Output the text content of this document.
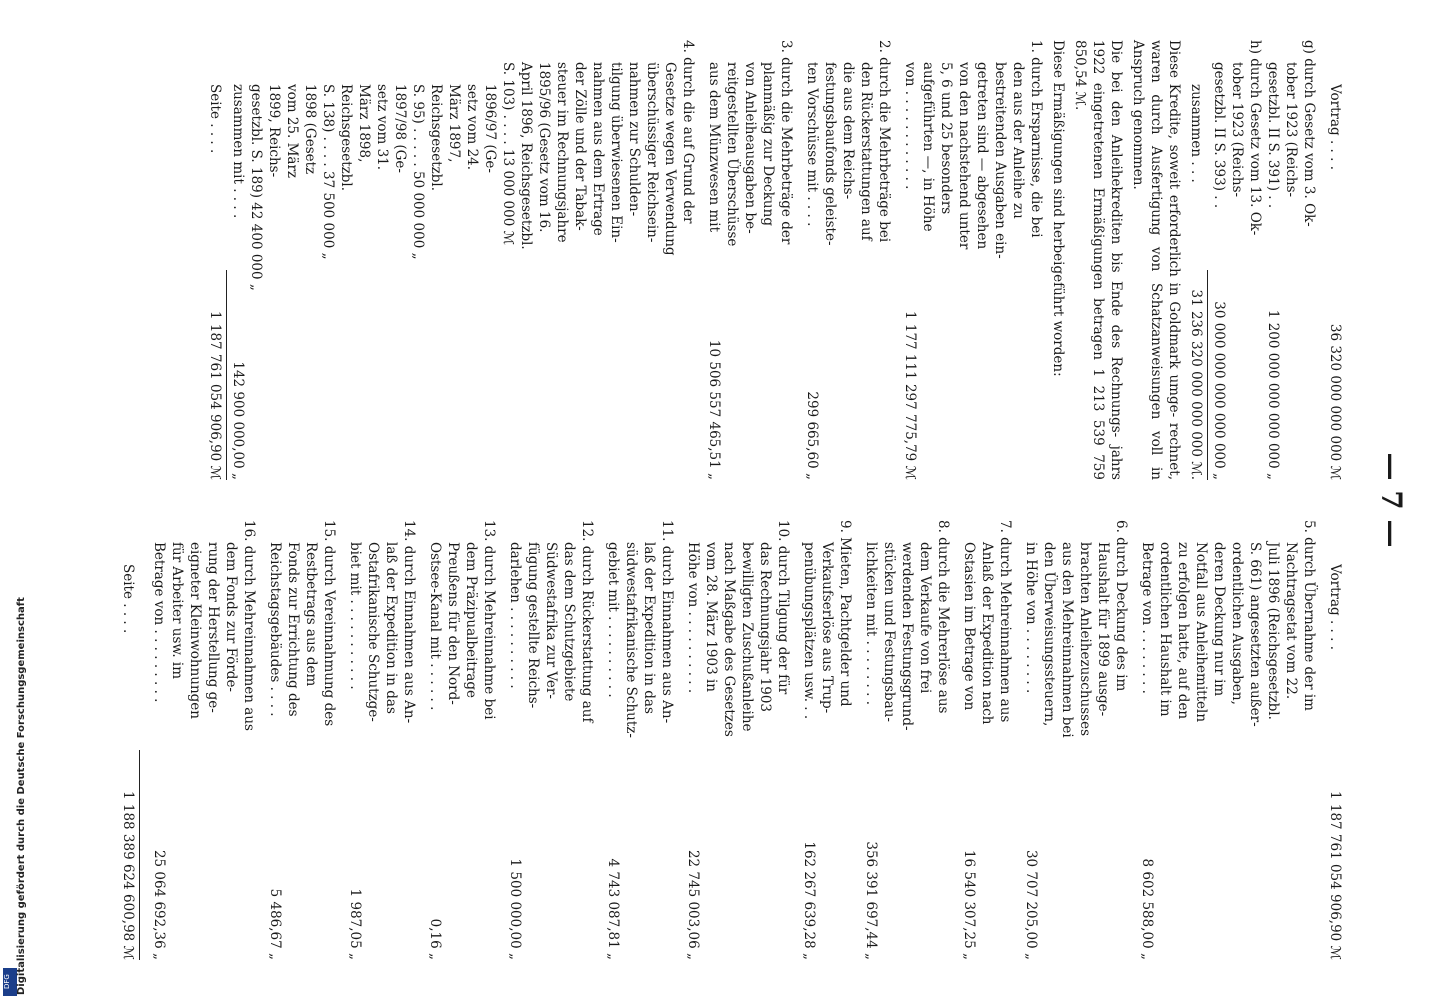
— 7 —
Vortrag . . . .
36 320 000 000 000 ℳ
g) durch Gesetz vom 3. Ok-
tober 1923 (Reichs-
gesetzbl. II S. 391) . .
1 200 000 000 000 000 „
h) durch Gesetz vom 13. Ok-
tober 1923 (Reichs-
gesetzbl. II S. 393) . .
30 000 000 000 000 000 „
zusammen . . .
31 236 320 000 000 000 ℳ.

Diese Kredite, soweit erforderlich in Goldmark umge- rechnet, waren durch Ausfertigung von Schatzanweisungen voll in Anspruch genommen.

Die bei den Anleihekrediten bis Ende des Rechnungs- jahrs 1922 eingetretenen Ermäßigungen betragen 1 213 539 759 850,54 ℳ.

Diese Ermäßigungen sind herbeigeführt worden:

1. durch Ersparnisse, die bei
den aus der Anleihe zu
bestreitenden Ausgaben ein-
getreten sind — abgesehen
von den nachstehend unter
5, 6 und 25 besonders
aufgeführten —, in Höhe
von . . . . . . . . . . . .
1 177 111 297 775,79 ℳ
2. durch die Mehrbeträge bei
den Rückerstattungen auf
die aus dem Reichs-
festungsbaufonds geleiste-
ten Vorschüsse mit . . . .
299 665,60 „
3. durch die Mehrbeträge der
planmäßig zur Deckung
von Anleiheausgaben be-
reitgestellten Überschüsse
aus dem Münzwesen mit
10 506 557 465,51 „
4. durch die auf Grund der
Gesetze wegen Verwendung
überschüssiger Reichsein-
nahmen zur Schulden-
tilgung überwiesenen Ein-
nahmen aus dem Ertrage
der Zölle und der Tabak-
steuer im Rechnungsjahre
1895/96 (Gesetz vom 16.
April 1896, Reichsgesetzbl.
S. 103) . . . . 13 000 000 ℳ
1896/97 (Ge-
setz vom 24.
März 1897,
Reichsgesetzbl.
S. 95) . . . . . 50 000 000 „
1897/98 (Ge-
setz vom 31.
März 1898,
Reichsgesetzbl.
S. 138) . . . . 37 500 000 „
1898 (Gesetz
vom 25. März
1899, Reichs-
gesetzbl. S. 189) 42 400 000 „
zusammen mit . . . .
142 900 000,00 „
Seite . . . .
1 187 761 054 906,90 ℳ
Vortrag . . . .
1 187 761 054 906,90 ℳ
5. durch Übernahme der im
Nachtragsetat vom 22.
Juli 1896 (Reichsgesetzbl.
S. 661) angesetzten außer-
ordentlichen Ausgaben,
deren Deckung nur im
Notfall aus Anleihemitteln
zu erfolgen hatte, auf den
ordentlichen Haushalt im
Betrage von . . . . . . . .
8 602 588,00 „
6. durch Deckung des im
Haushalt für 1899 ausge-
brachten Anleihezuschusses
aus den Mehreinnahmen bei
den Überweisungssteuern,
in Höhe von . . . . . . . .
30 707 205,00 „
7. durch Mehreinnahmen aus
Anlaß der Expedition nach
Ostasien im Betrage von
16 540 307,25 „
8. durch die Mehrerlöse aus
dem Verkaufe von frei
werdenden Festungsgrund-
stücken und Festungsbau-
lichkeiten mit . . . . . . . .
356 391 697,44 „
9. Mieten, Pachtgelder und
Verkaufserlöse aus Trup-
penübungsplätzen usw. . .
162 267 639,28 „
10. durch Tilgung der für
das Rechnungsjahr 1903
bewilligten Zuschußanleihe
nach Maßgabe des Gesetzes
vom 28. März 1903 in
Höhe von . . . . . . . . . .
22 745 003,06 „
11. durch Einnahmen aus An-
laß der Expedition in das
südwestafrikanische Schutz-
gebiet mit . . . . . . . . . .
4 743 087,81 „
12. durch Rückerstattung auf
das dem Schutzgebiete
Südwestafrika zur Ver-
fügung gestellte Reichs-
darlehen . . . . . . . . . .
1 500 000,00 „
13. durch Mehreinnahme bei
dem Präzipualbeitrage
Preußens für den Nord-
Ostsee-Kanal mit . . . . . .
0,16 „
14. durch Einnahmen aus An-
laß der Expedition in das
Ostafrikanische Schutzge-
biet mit . . . . . . . . . . .
1 987,05 „
15. durch Vereinnahmung des
Restbetrags aus dem
Fonds zur Errichtung des
Reichstagsgebäudes . . . .
5 486,67 „
16. durch Mehreinnahmen aus
dem Fonds zur Förde-
rung der Herstellung ge-
eigneter Kleinwohnungen
für Arbeiter usw. im
Betrage von . . . . . . . . .
25 064 692,36 „
Seite . . . .
1 188 389 624 600,98 ℳ
DFG Digitalisierung gefördert durch die Deutsche Forschungsgemeinschaft
